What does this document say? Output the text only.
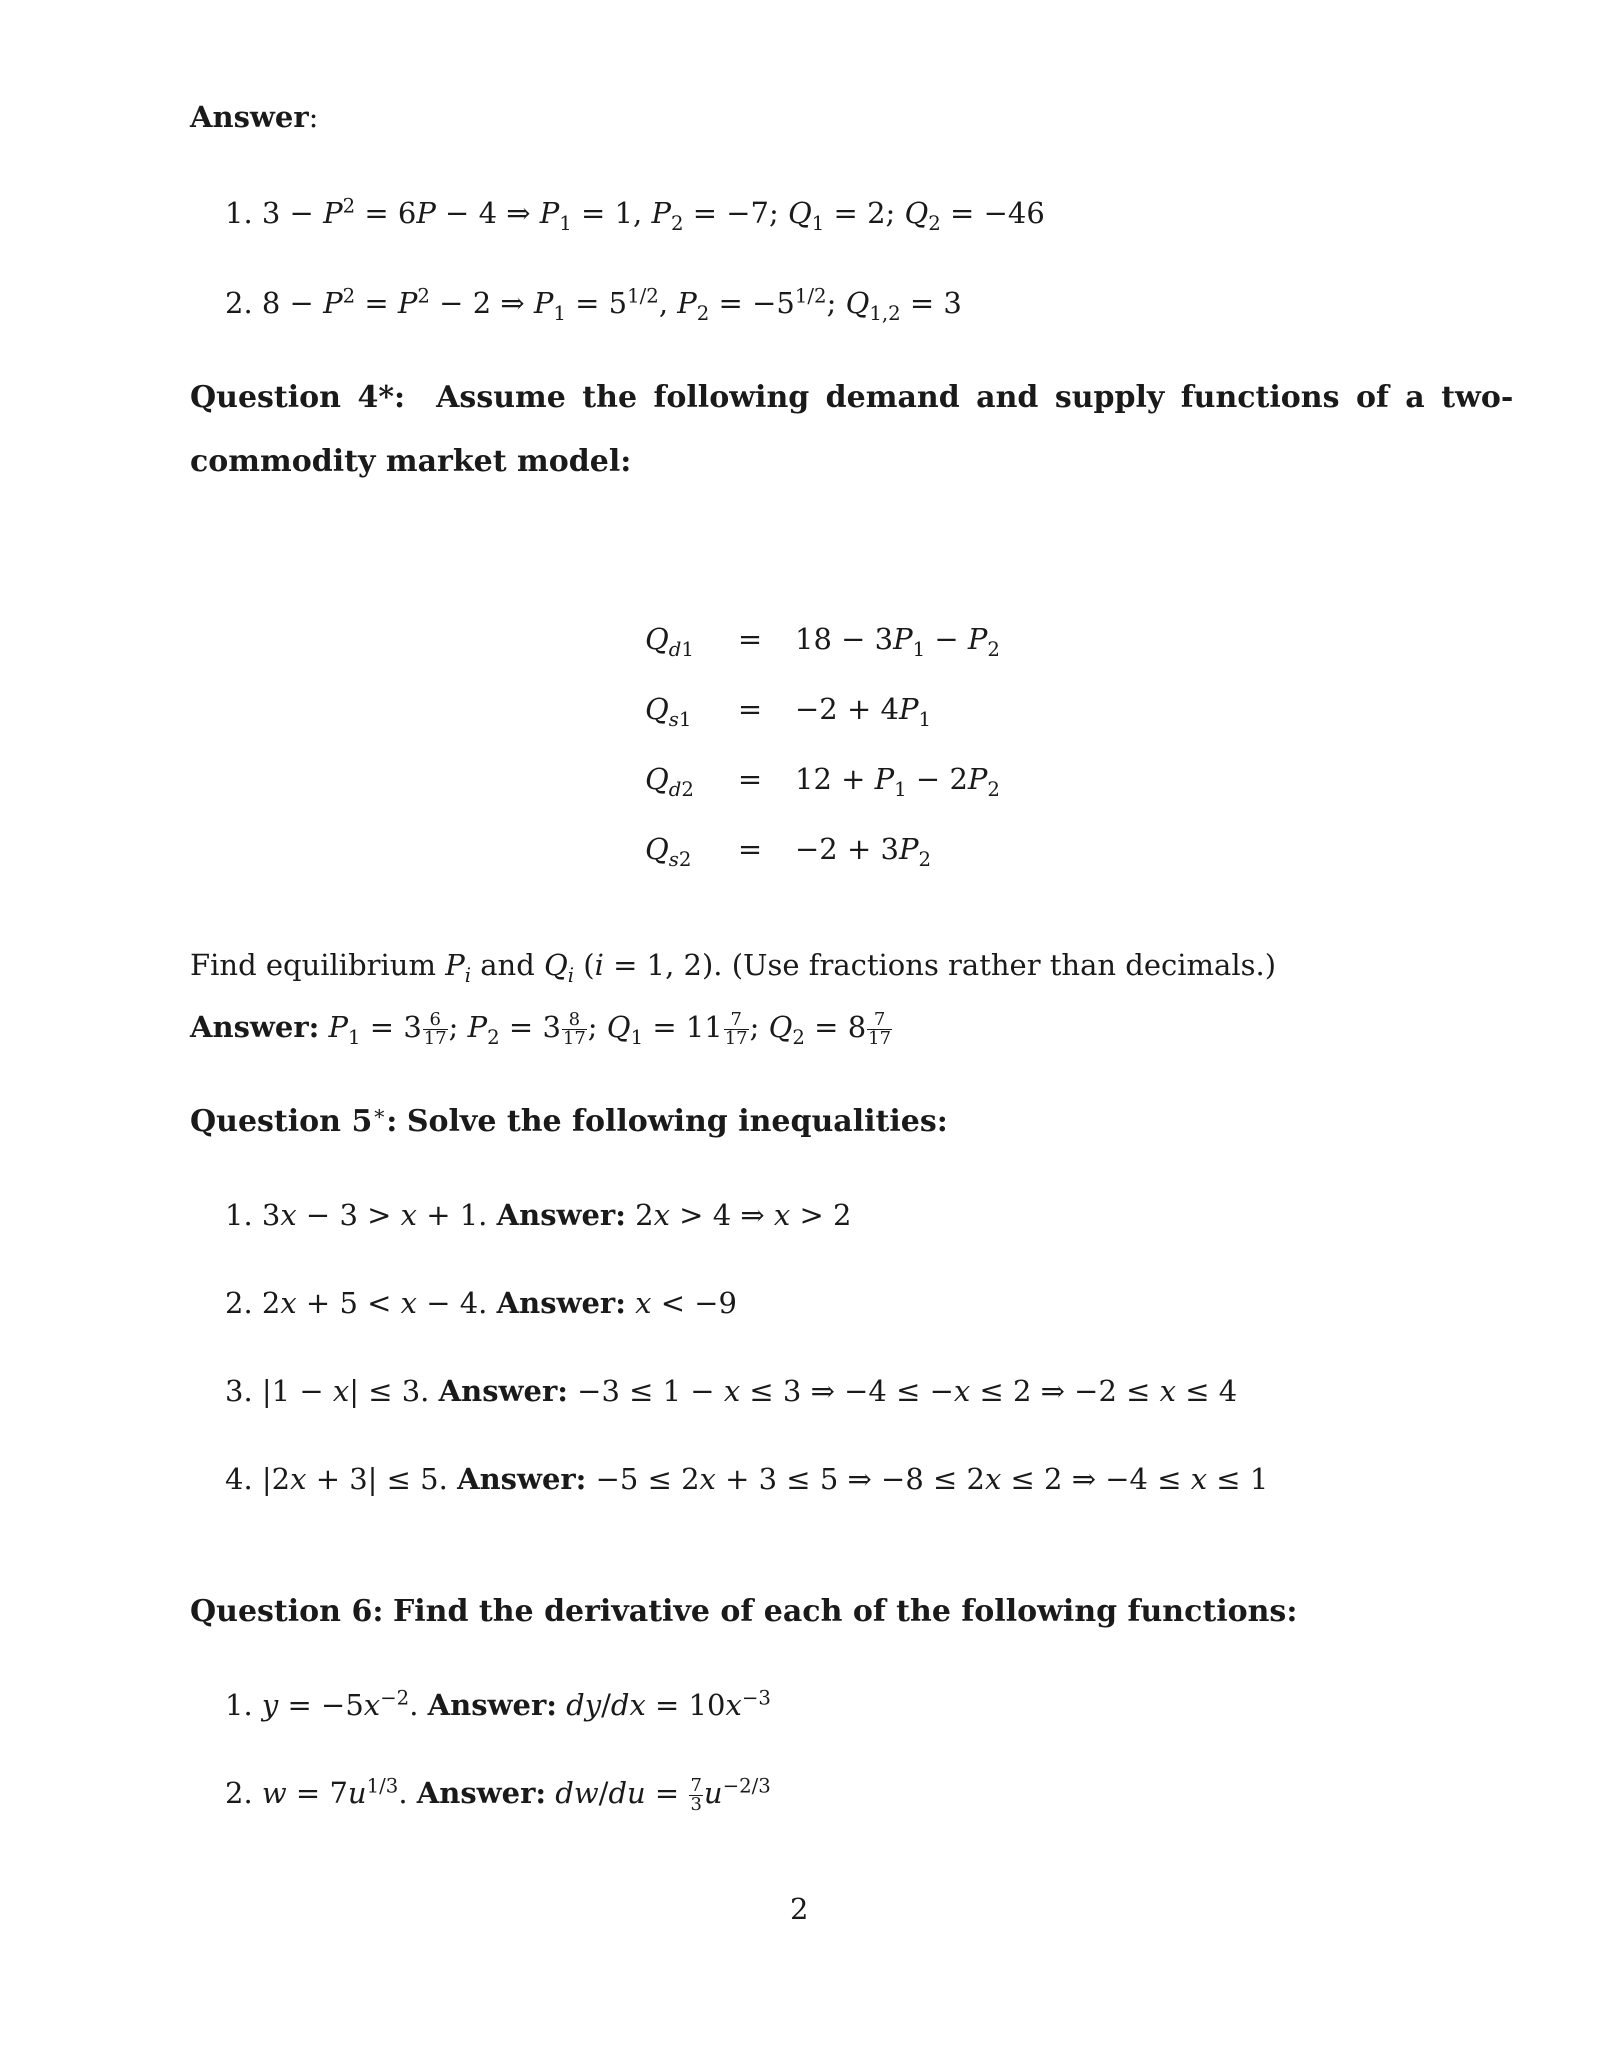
Answer:
1. $3 - P^2 = 6P - 4$ ⇒ $P_1 = 1$, $P_2 = -7$; $Q_1 = 2$; $Q_2 = -46$
2. $8 - P^2 = P^2 - 2$ ⇒ $P_1 = 5^{1/2}$, $P_2 = -5^{1/2}$; $Q_{1,2} = 3$
Question 4*: Assume the following demand and supply functions of a two-
commodity market model:
$Q_{d1}$	= $18 - 3P_1 - P_2$
$Q_{s1}$	= $-2 + 4P_1$
$Q_{d2}$	= $12 + P_1 - 2P_2$
$Q_{s2}$	= $-2 + 3P_2$
Find equilibrium $P_i$ and $Q_i$ (i = 1, 2). (Use fractions rather than decimals.)
Answer: $P_1 = 3 \frac{6}{17}$ ; $P_2 = 3 \frac{8}{17}$ ; $Q_1 = 11 \frac{7}{17}$ ; $Q_2 = 8 \frac{7}{17}$
Question 5∗: Solve the following inequalities:
1. 3x − 3 > x + 1. Answer: 2x > 4 ⇒ x > 2
2. 2x + 5 < x − 4. Answer: x < −9
3. |1 − x| ≤ 3. Answer: −3 ≤ 1 − x ≤ 3 ⇒ −4 ≤ −x ≤ 2 ⇒ −2 ≤ x ≤ 4
4. |2x + 3| ≤ 5. Answer: −5 ≤ 2x + 3 ≤ 5 ⇒ −8 ≤ 2x ≤ 2 ⇒ −4 ≤ x ≤ 1
Question 6: Find the derivative of each of the following functions:
1. $y = -5x^{-2}$. Answer: $dy/dx = 10x^{-3}$
2. $w = 7u^{1/3}$. Answer: $dw/du = \frac{7}{3} u^{-2/3}$
2
